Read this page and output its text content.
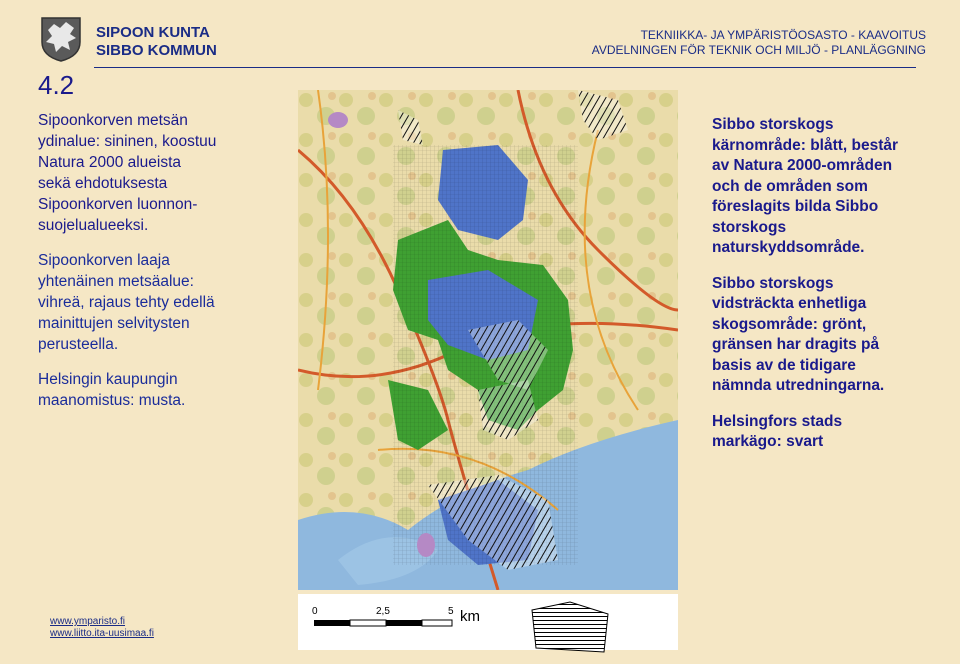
SIPOON KUNTA
SIBBO KOMMUN
TEKNIIKKA- JA YMPÄRISTÖOSASTO - KAAVOITUS
AVDELNINGEN FÖR TEKNIK OCH MILJÖ - PLANLÄGGNING
4.2

Sipoonkorven metsän
ydinalue: sininen, koostuu
Natura 2000 alueista
sekä ehdotuksesta
Sipoonkorven luonnon-
suojelualueeksi.

Sipoonkorven laaja
yhtenäinen metsäalue:
vihreä, rajaus tehty edellä
mainittujen selvitysten
perusteella.

Helsingin kaupungin
maanomistus: musta.

Sibbo storskogs
kärnområde: blått, består
av Natura 2000-områden
och de områden som
föreslagits bilda Sibbo
storskogs
naturskyddsområde.

Sibbo storskogs
vidsträckta enhetliga
skogsområde: grönt,
gränsen har dragits på
basis av de tidigare
nämnda utredningarna.

Helsingfors stads
markägo: svart

0	2,5	5 km
www.ymparisto.fi
www.liitto.ita-uusimaa.fi
